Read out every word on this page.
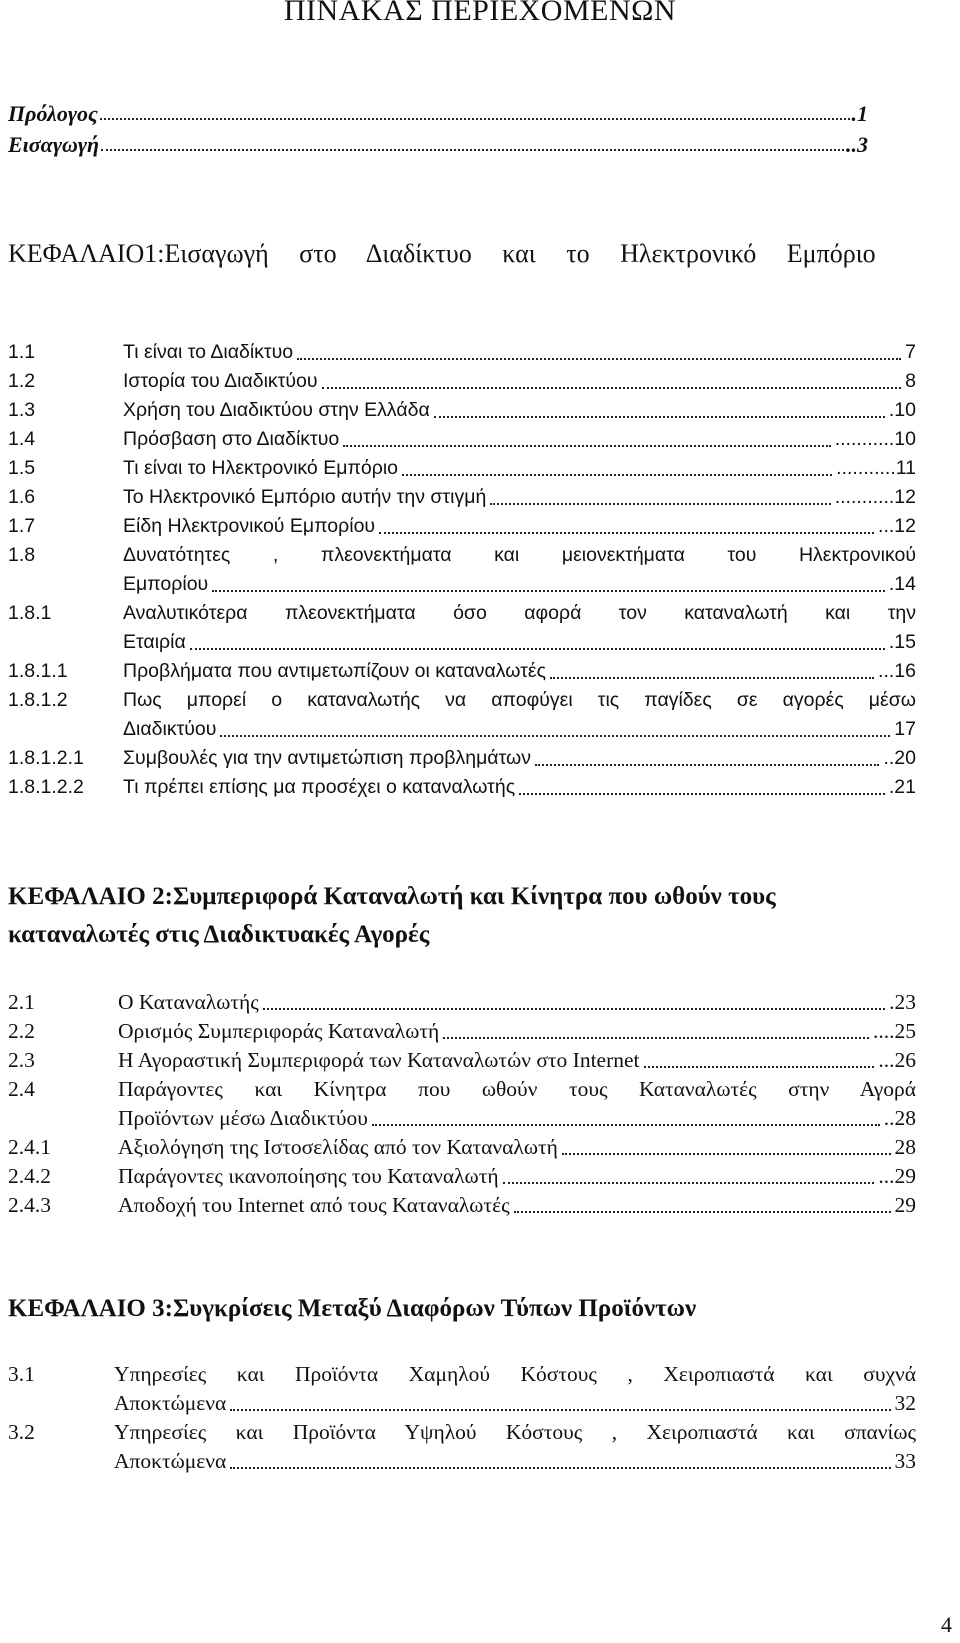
ΠΙΝΑΚΑΣ ΠΕΡΙΕΧΟΜΕΝΩΝ
Πρόλογος	.1
Εισαγωγή	..3
ΚΕΦΑΛΑΙΟ1:Εισαγωγή στο Διαδίκτυο και το Ηλεκτρονικό Εμπόριο
1.1	Τι είναι το Διαδίκτυο	7
1.2	Ιστορία του Διαδικτύου	8
1.3	Χρήση του Διαδικτύου στην Ελλάδα	.10
1.4	Πρόσβαση στο Διαδίκτυο	...........10
1.5	Τι είναι το Ηλεκτρονικό Εμπόριο	...........11
1.6	Το Ηλεκτρονικό Εμπόριο αυτήν την στιγμή	...........12
1.7	Είδη Ηλεκτρονικού Εμπορίου	...12
1.8	Δυνατότητες , πλεονεκτήματα και μειονεκτήματα του Ηλεκτρονικού
Εμπορίου	.14
1.8.1	Αναλυτικότερα πλεονεκτήματα όσο αφορά τον καταναλωτή και την
Εταιρία	.15
1.8.1.1	Προβλήματα που αντιμετωπίζουν οι καταναλωτές	...16
1.8.1.2	Πως μπορεί ο καταναλωτής να αποφύγει τις παγίδες σε αγορές μέσω
Διαδικτύου	17
1.8.1.2.1	Συμβουλές για την αντιμετώπιση προβλημάτων	..20
1.8.1.2.2	Τι πρέπει επίσης μα προσέχει ο καταναλωτής	.21
ΚΕΦΑΛΑΙΟ 2:Συμπεριφορά Καταναλωτή και Κίνητρα που ωθούν τους καταναλωτές στις Διαδικτυακές Αγορές
2.1	Ο Καταναλωτής	.23
2.2	Ορισμός Συμπεριφοράς Καταναλωτή	....25
2.3	Η Αγοραστική Συμπεριφορά των Καταναλωτών στο Internet	...26
2.4	Παράγοντες και Κίνητρα που ωθούν τους Καταναλωτές στην Αγορά
Προϊόντων μέσω Διαδικτύου	..28
2.4.1	Αξιολόγηση της Ιστοσελίδας από τον Καταναλωτή	28
2.4.2	Παράγοντες ικανοποίησης του Καταναλωτή	...29
2.4.3	Αποδοχή του Internet από τους Καταναλωτές	29
ΚΕΦΑΛΑΙΟ 3:Συγκρίσεις Μεταξύ Διαφόρων Τύπων Προϊόντων
3.1	Υπηρεσίες και Προϊόντα Χαμηλού Κόστους , Χειροπιαστά και συχνά
Αποκτώμενα	32
3.2	Υπηρεσίες και Προϊόντα Υψηλού Κόστους , Χειροπιαστά και σπανίως
Αποκτώμενα	33

4
